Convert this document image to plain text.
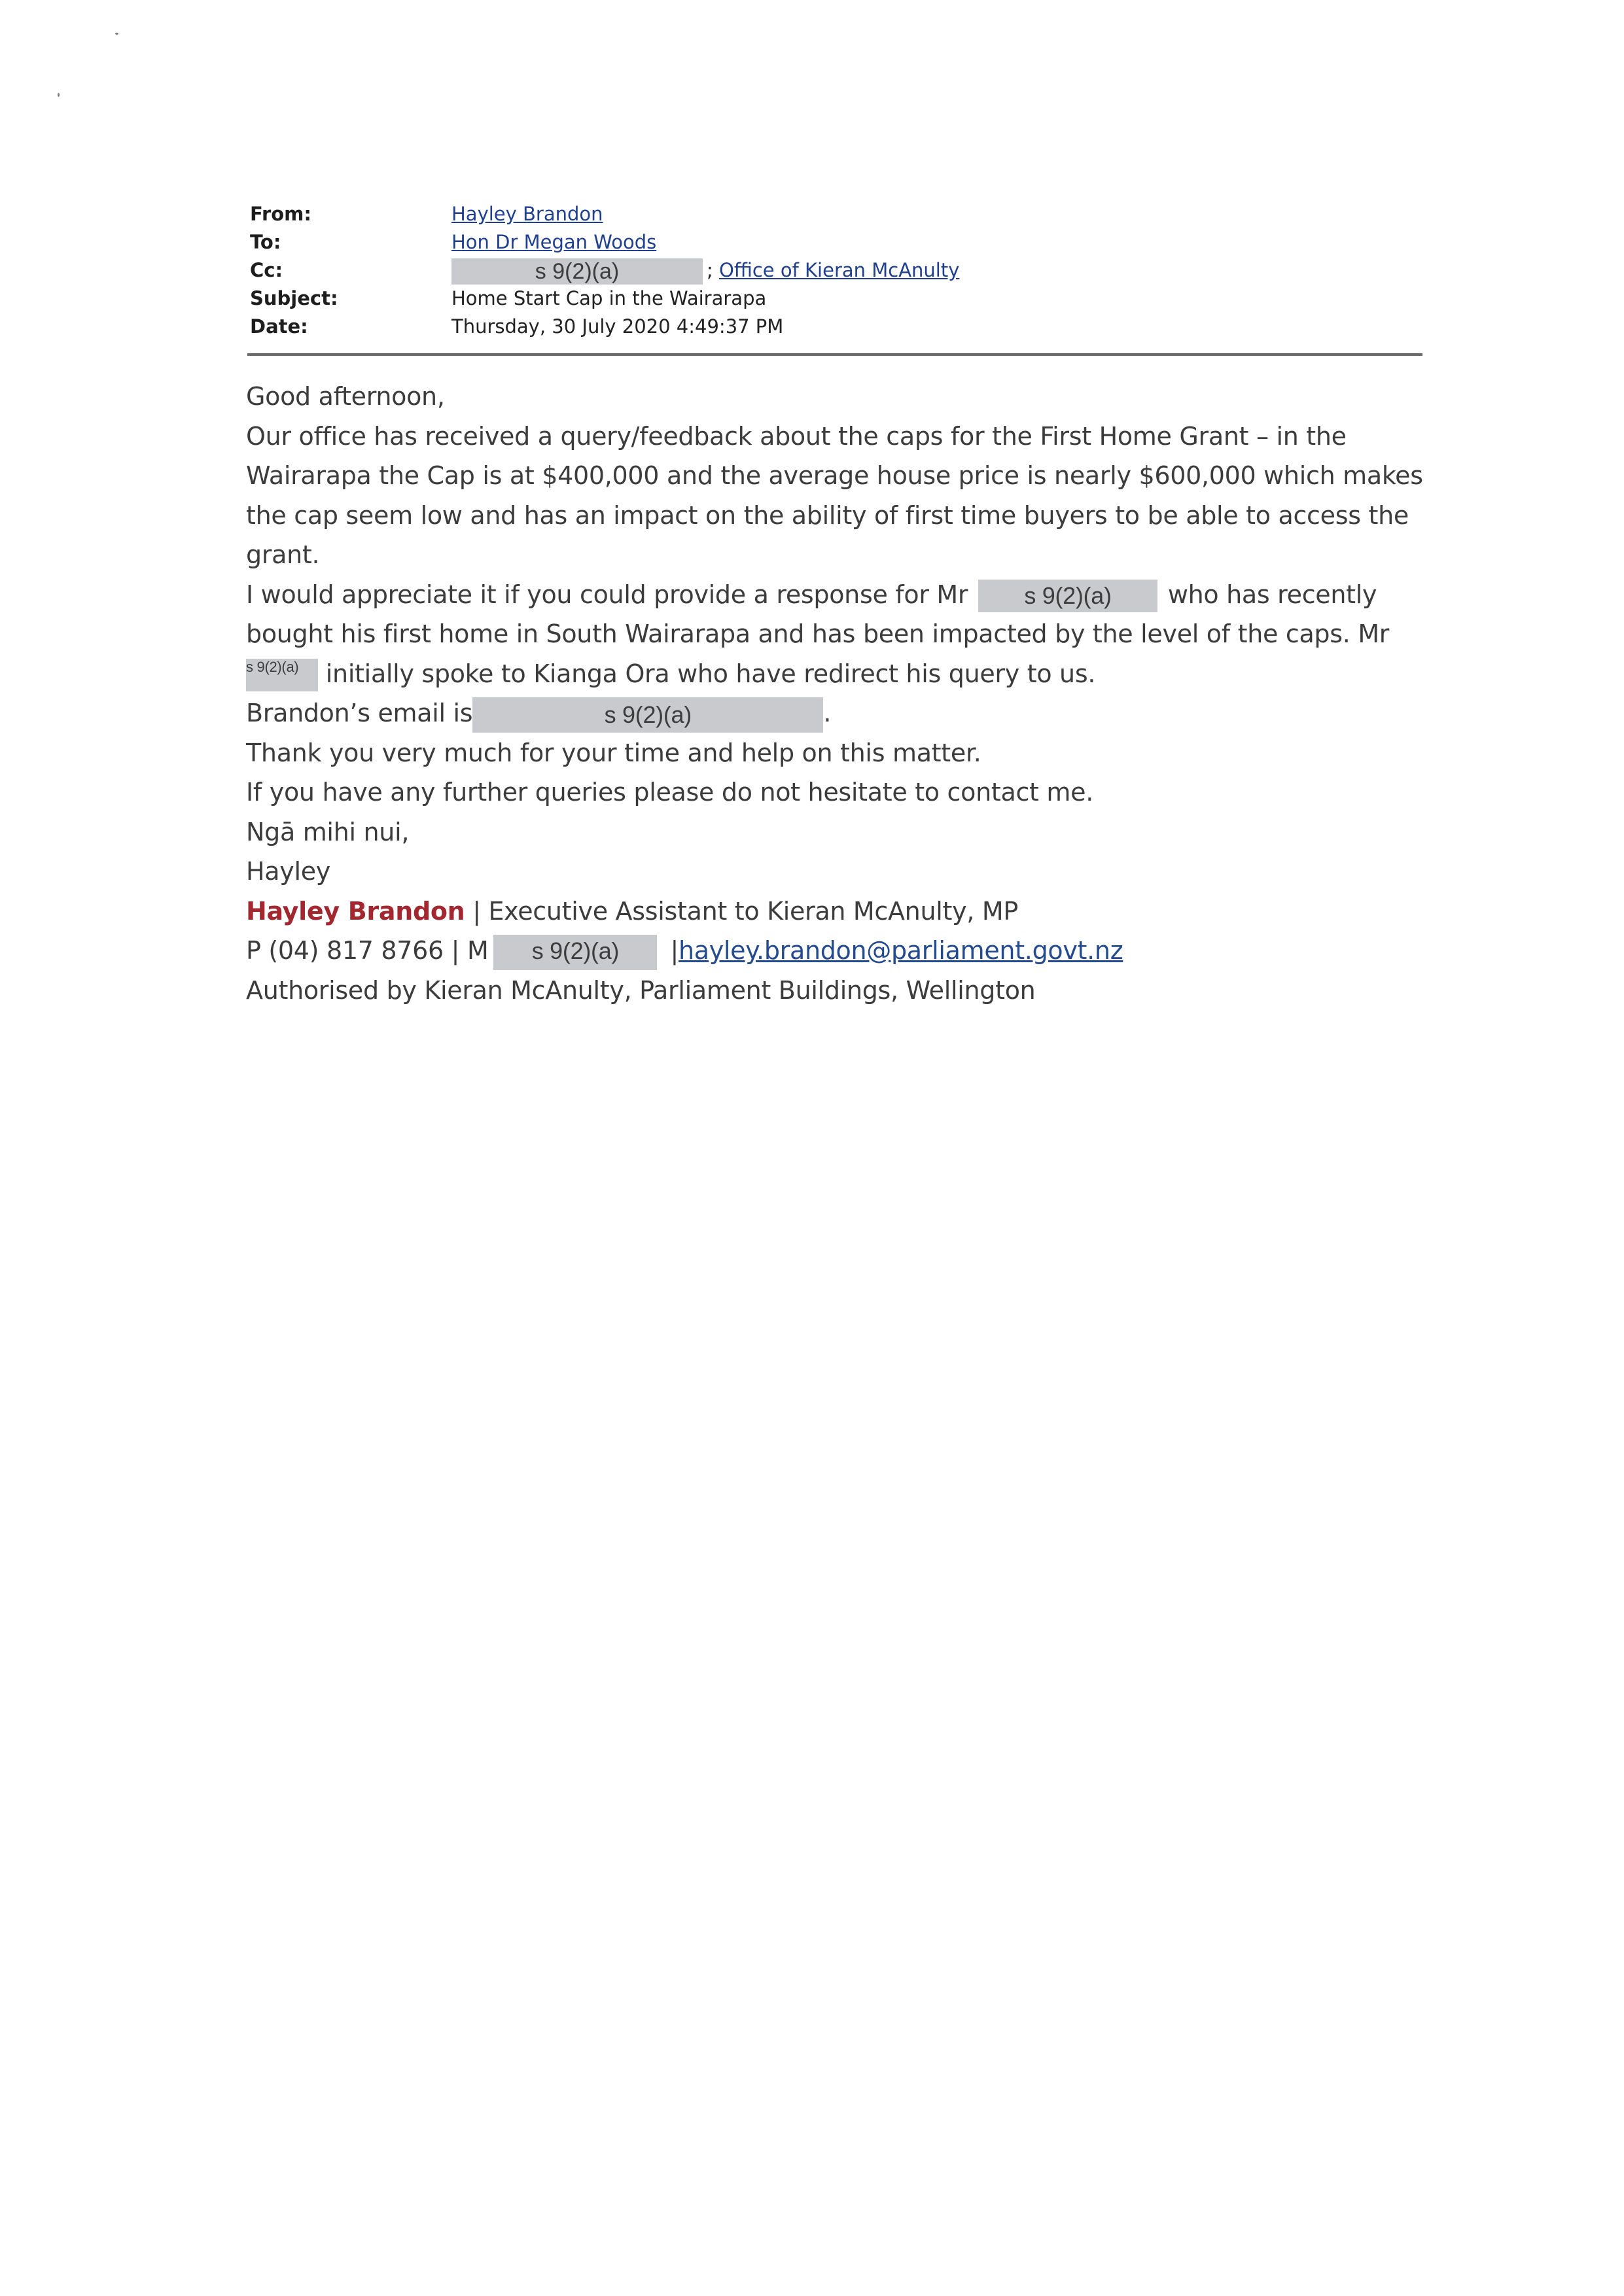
From:	Hayley Brandon
To:	Hon Dr Megan Woods
Cc:	s 9(2)(a)	; Office of Kieran McAnulty
Subject:	Home Start Cap in the Wairarapa
Date:	Thursday, 30 July 2020 4:49:37 PM

Good afternoon,

Our office has received a query/feedback about the caps for the First Home Grant – in the Wairarapa the Cap is at $400,000 and the average house price is nearly $600,000 which makes the cap seem low and has an impact on the ability of first time buyers to be able to access the grant.

I would appreciate it if you could provide a response for Mr s 9(2)(a) who has recently bought his first home in South Wairarapa and has been impacted by the level of the caps. Mr s 9(2)(a) initially spoke to Kianga Ora who have redirect his query to us.

Brandon’s email is	s 9(2)(a)	.

Thank you very much for your time and help on this matter.

If you have any further queries please do not hesitate to contact me.

Ngā mihi nui,

Hayley

Hayley Brandon | Executive Assistant to Kieran McAnulty, MP

P (04) 817 8766 | M s 9(2)(a) |hayley.brandon@parliament.govt.nz

Authorised by Kieran McAnulty, Parliament Buildings, Wellington
